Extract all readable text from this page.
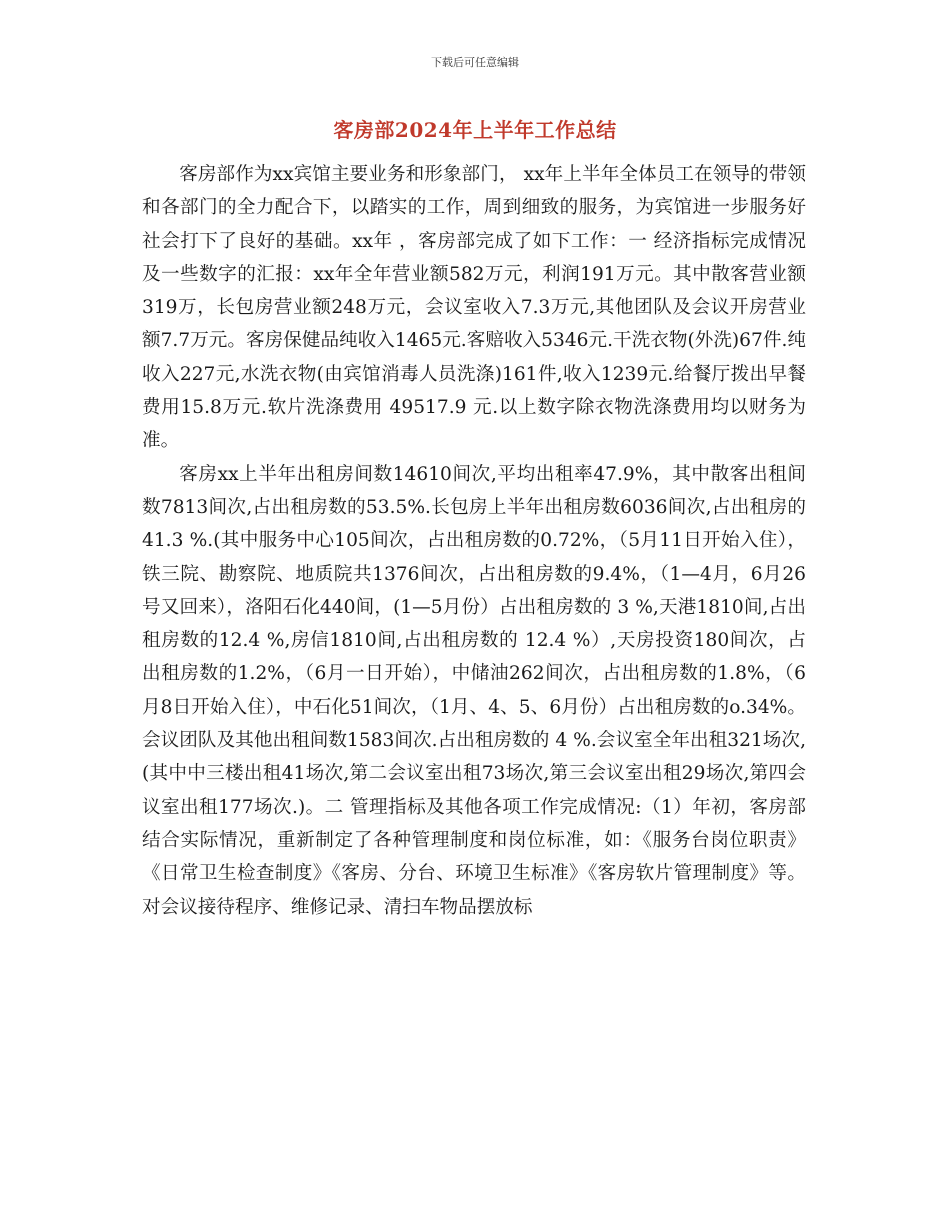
下载后可任意编辑
客房部2024年上半年工作总结

客房部作为xx宾馆主要业务和形象部门， xx年上半年全体员工在领导的带领和各部门的全力配合下，以踏实的工作，周到细致的服务，为宾馆进一步服务好社会打下了良好的基础。xx年 ，客房部完成了如下工作：一 经济指标完成情况及一些数字的汇报：xx年全年营业额582万元，利润191万元。其中散客营业额319万，长包房营业额248万元，会议室收入7.3万元,其他团队及会议开房营业额7.7万元。客房保健品纯收入1465元.客赔收入5346元.干洗衣物(外洗)67件.纯收入227元,水洗衣物(由宾馆消毒人员洗涤)161件,收入1239元.给餐厅拨出早餐费用15.8万元.软片洗涤费用 49517.9 元.以上数字除衣物洗涤费用均以财务为准。

客房xx上半年出租房间数14610间次,平均出租率47.9%，其中散客出租间数7813间次,占出租房数的53.5%.长包房上半年出租房数6036间次,占出租房的 41.3 %.(其中服务中心105间次，占出租房数的0.72%，（5月11日开始入住），铁三院、勘察院、地质院共1376间次，占出租房数的9.4%，（1—4月，6月26号又回来），洛阳石化440间，(1—5月份）占出租房数的 3 %,天港1810间,占出租房数的12.4 %,房信1810间,占出租房数的 12.4 %）,天房投资180间次，占出租房数的1.2%，（6月一日开始），中储油262间次，占出租房数的1.8%，（6月8日开始入住），中石化51间次，（1月、4、5、6月份）占出租房数的o.34%。会议团队及其他出租间数1583间次.占出租房数的 4 %.会议室全年出租321场次,(其中中三楼出租41场次,第二会议室出租73场次,第三会议室出租29场次,第四会议室出租177场次.)。二 管理指标及其他各项工作完成情况:（1）年初，客房部结合实际情况，重新制定了各种管理制度和岗位标准，如：《服务台岗位职责》《日常卫生检查制度》《客房、分台、环境卫生标准》《客房软片管理制度》等。对会议接待程序、维修记录、清扫车物品摆放标
